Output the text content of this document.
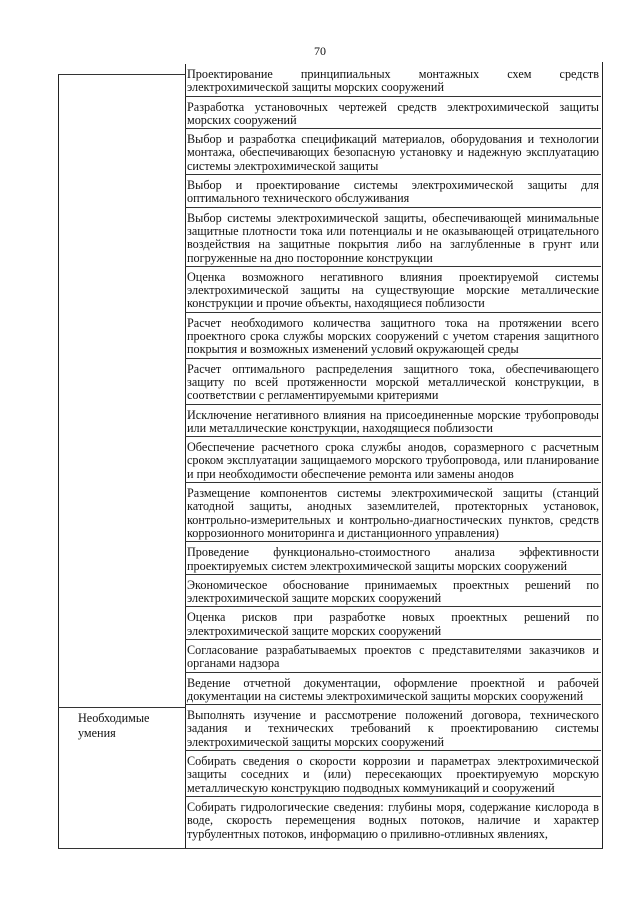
70
Необходимые умения
Проектирование принципиальных монтажных схем средств электрохимической защиты морских сооружений
Разработка установочных чертежей средств электрохимической защиты морских сооружений
Выбор и разработка спецификаций материалов, оборудования и технологии монтажа, обеспечивающих безопасную установку и надежную эксплуатацию системы электрохимической защиты
Выбор и проектирование системы электрохимической защиты для оптимального технического обслуживания
Выбор системы электрохимической защиты, обеспечивающей минимальные защитные плотности тока или потенциалы и не оказывающей отрицательного воздействия на защитные покрытия либо на заглубленные в грунт или погруженные на дно посторонние конструкции
Оценка возможного негативного влияния проектируемой системы электрохимической защиты на существующие морские металлические конструкции и прочие объекты, находящиеся поблизости
Расчет необходимого количества защитного тока на протяжении всего проектного срока службы морских сооружений с учетом старения защитного покрытия и возможных изменений условий окружающей среды
Расчет оптимального распределения защитного тока, обеспечивающего защиту по всей протяженности морской металлической конструкции, в соответствии с регламентируемыми критериями
Исключение негативного влияния на присоединенные морские трубопроводы или металлические конструкции, находящиеся поблизости
Обеспечение расчетного срока службы анодов, соразмерного с расчетным сроком эксплуатации защищаемого морского трубопровода, или планирование и при необходимости обеспечение ремонта или замены анодов
Размещение компонентов системы электрохимической защиты (станций катодной защиты, анодных заземлителей, протекторных установок, контрольно-измерительных и контрольно-диагностических пунктов, средств коррозионного мониторинга и дистанционного управления)
Проведение функционально-стоимостного анализа эффективности проектируемых систем электрохимической защиты морских сооружений
Экономическое обоснование принимаемых проектных решений по электрохимической защите морских сооружений
Оценка рисков при разработке новых проектных решений по электрохимической защите морских сооружений
Согласование разрабатываемых проектов с представителями заказчиков и органами надзора
Ведение отчетной документации, оформление проектной и рабочей документации на системы электрохимической защиты морских сооружений
Выполнять изучение и рассмотрение положений договора, технического задания и технических требований к проектированию системы электрохимической защиты морских сооружений
Собирать сведения о скорости коррозии и параметрах электрохимической защиты соседних и (или) пересекающих проектируемую морскую металлическую конструкцию подводных коммуникаций и сооружений
Собирать гидрологические сведения: глубины моря, содержание кислорода в воде, скорость перемещения водных потоков, наличие и характер турбулентных потоков, информацию о приливно-отливных явлениях,
